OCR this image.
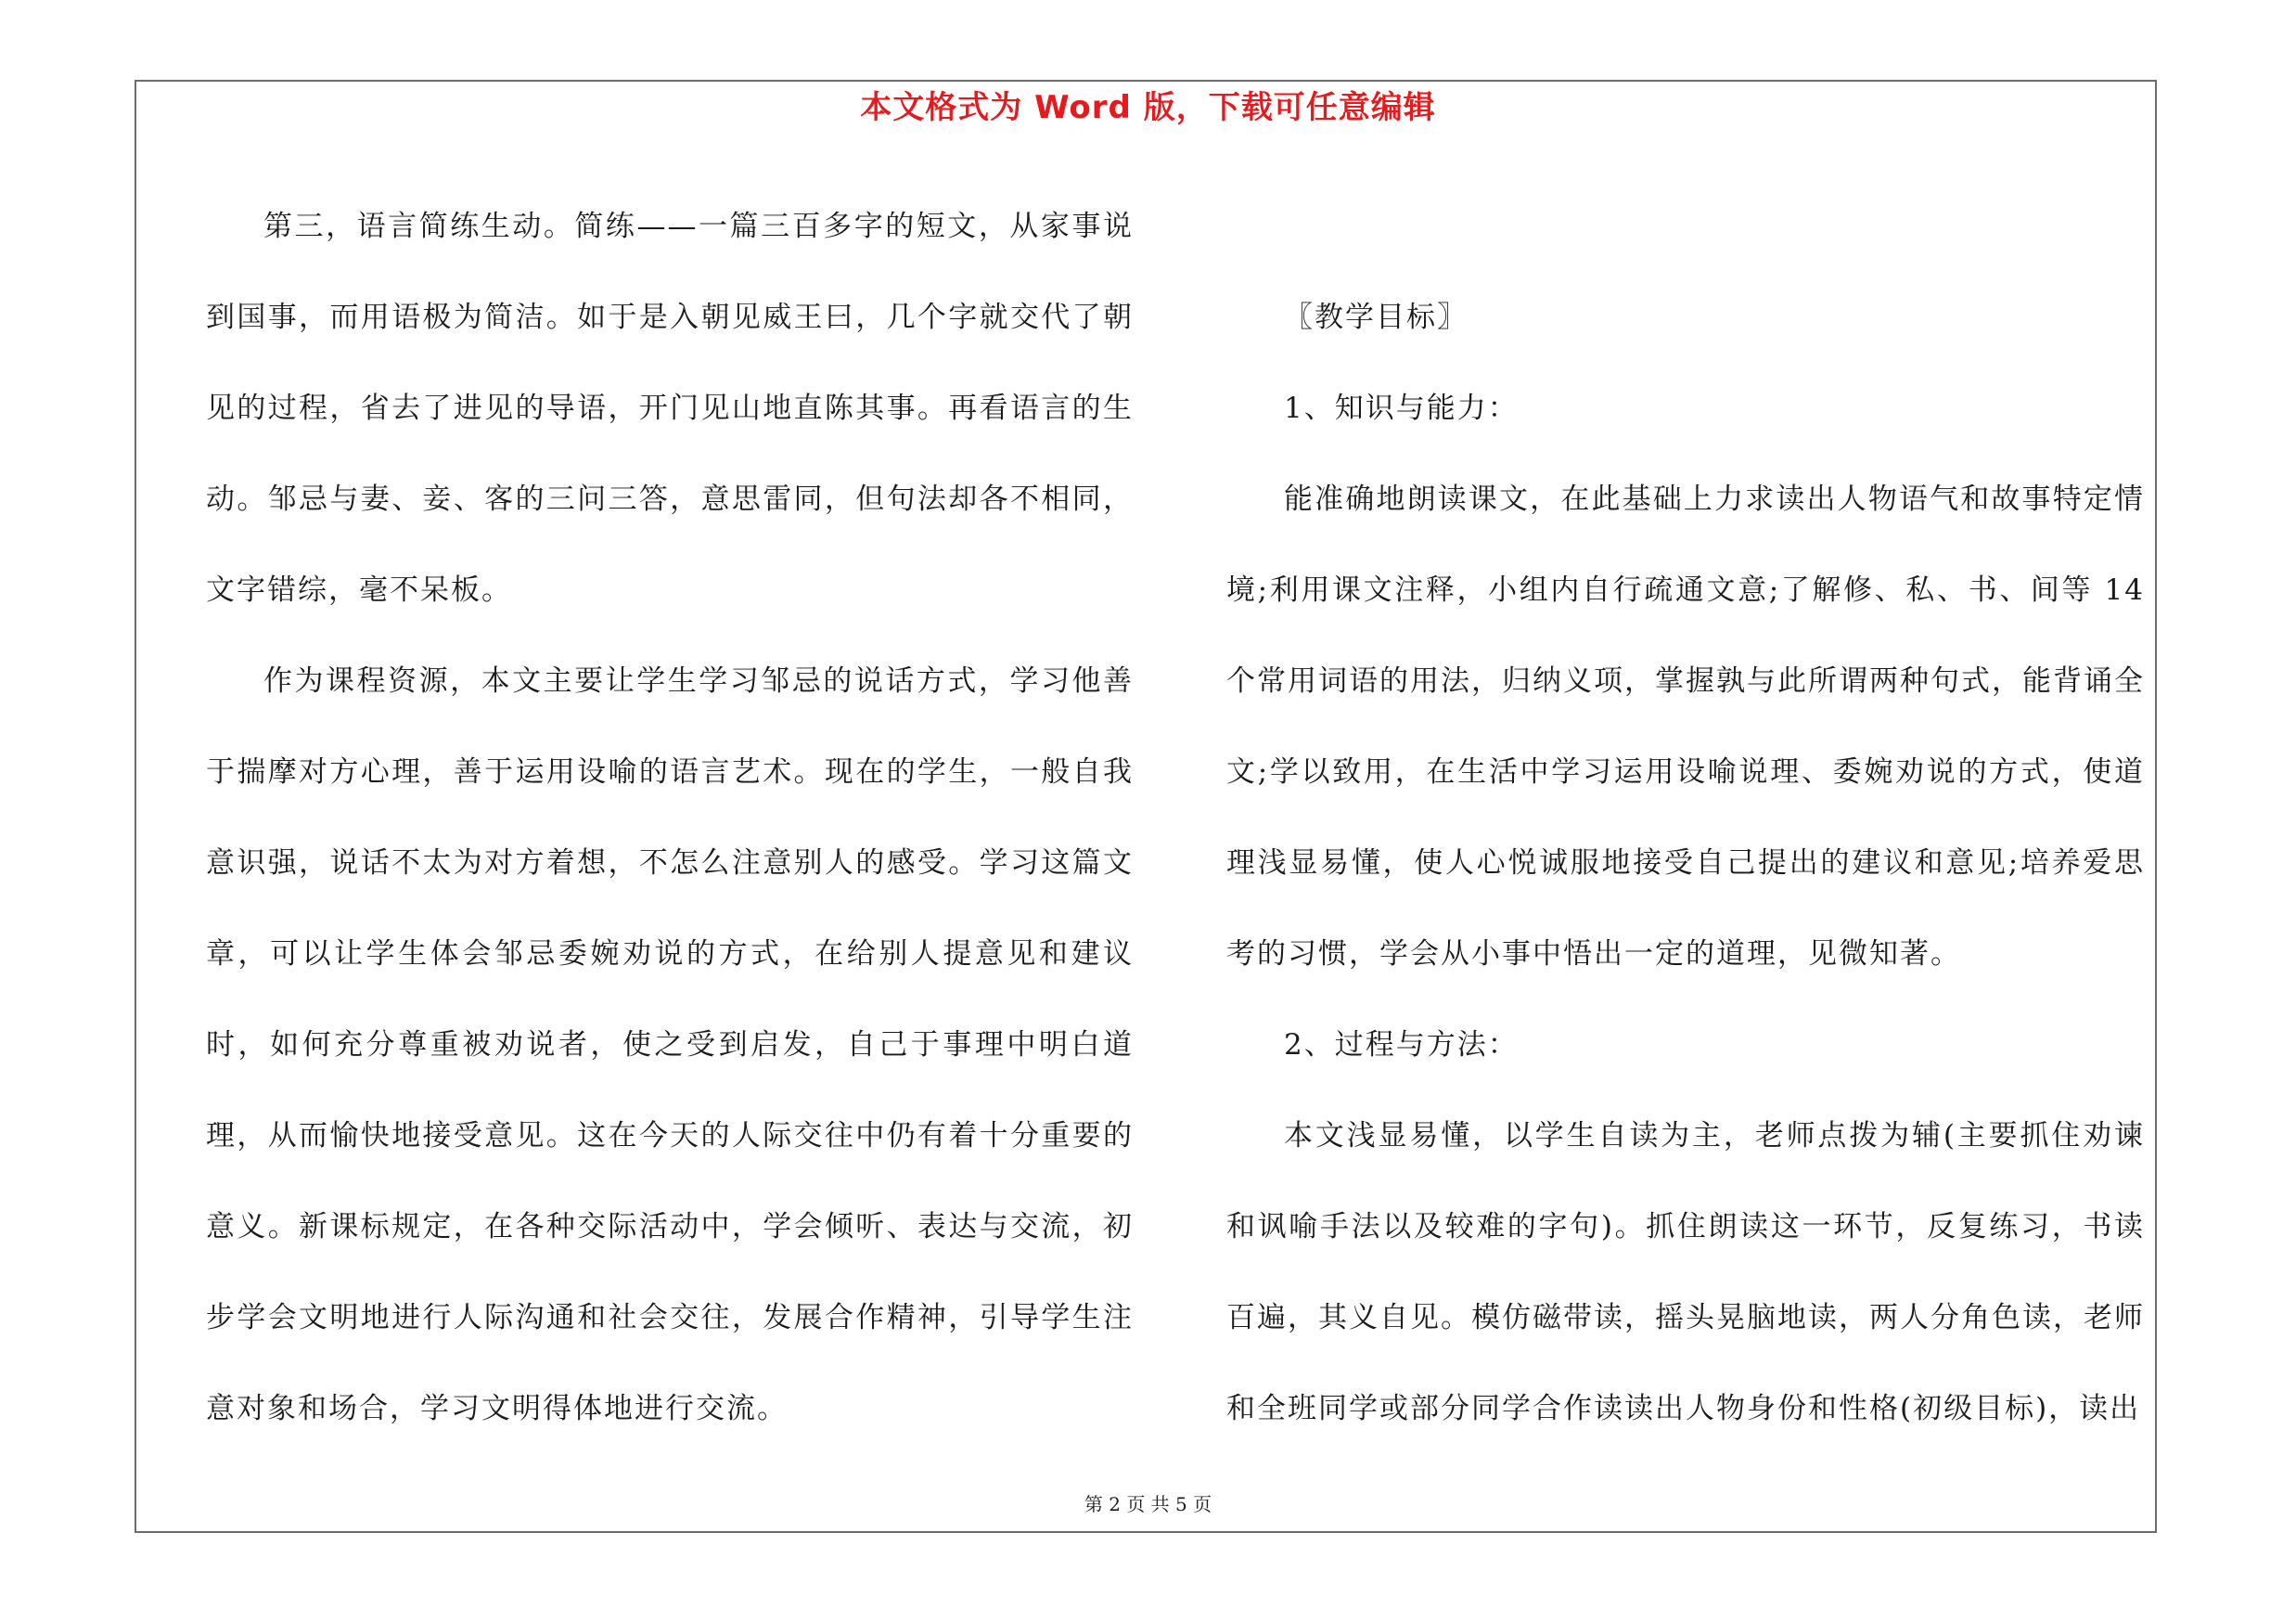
本文格式为 Word 版，下载可任意编辑

第三，语言简练生动。简练——一篇三百多字的短文，从家事说到国事，而用语极为简洁。如于是入朝见威王曰，几个字就交代了朝见的过程，省去了进见的导语，开门见山地直陈其事。再看语言的生动。邹忌与妻、妾、客的三问三答，意思雷同，但句法却各不相同，文字错综，毫不呆板。

作为课程资源，本文主要让学生学习邹忌的说话方式，学习他善于揣摩对方心理，善于运用设喻的语言艺术。现在的学生，一般自我意识强，说话不太为对方着想，不怎么注意别人的感受。学习这篇文章，可以让学生体会邹忌委婉劝说的方式，在给别人提意见和建议时，如何充分尊重被劝说者，使之受到启发，自己于事理中明白道理，从而愉快地接受意见。这在今天的人际交往中仍有着十分重要的意义。新课标规定，在各种交际活动中，学会倾听、表达与交流，初步学会文明地进行人际沟通和社会交往，发展合作精神，引导学生注意对象和场合，学习文明得体地进行交流。

〖教学目标〗

1、知识与能力：

能准确地朗读课文，在此基础上力求读出人物语气和故事特定情境;利用课文注释，小组内自行疏通文意;了解修、私、书、间等 14 个常用词语的用法，归纳义项，掌握孰与此所谓两种句式，能背诵全文;学以致用，在生活中学习运用设喻说理、委婉劝说的方式，使道理浅显易懂，使人心悦诚服地接受自己提出的建议和意见;培养爱思考的习惯，学会从小事中悟出一定的道理，见微知著。

2、过程与方法：

本文浅显易懂，以学生自读为主，老师点拨为辅(主要抓住劝谏和讽喻手法以及较难的字句)。抓住朗读这一环节，反复练习，书读百遍，其义自见。模仿磁带读，摇头晃脑地读，两人分角色读，老师和全班同学或部分同学合作读读出人物身份和性格(初级目标)，读出

第 2 页 共 5 页
